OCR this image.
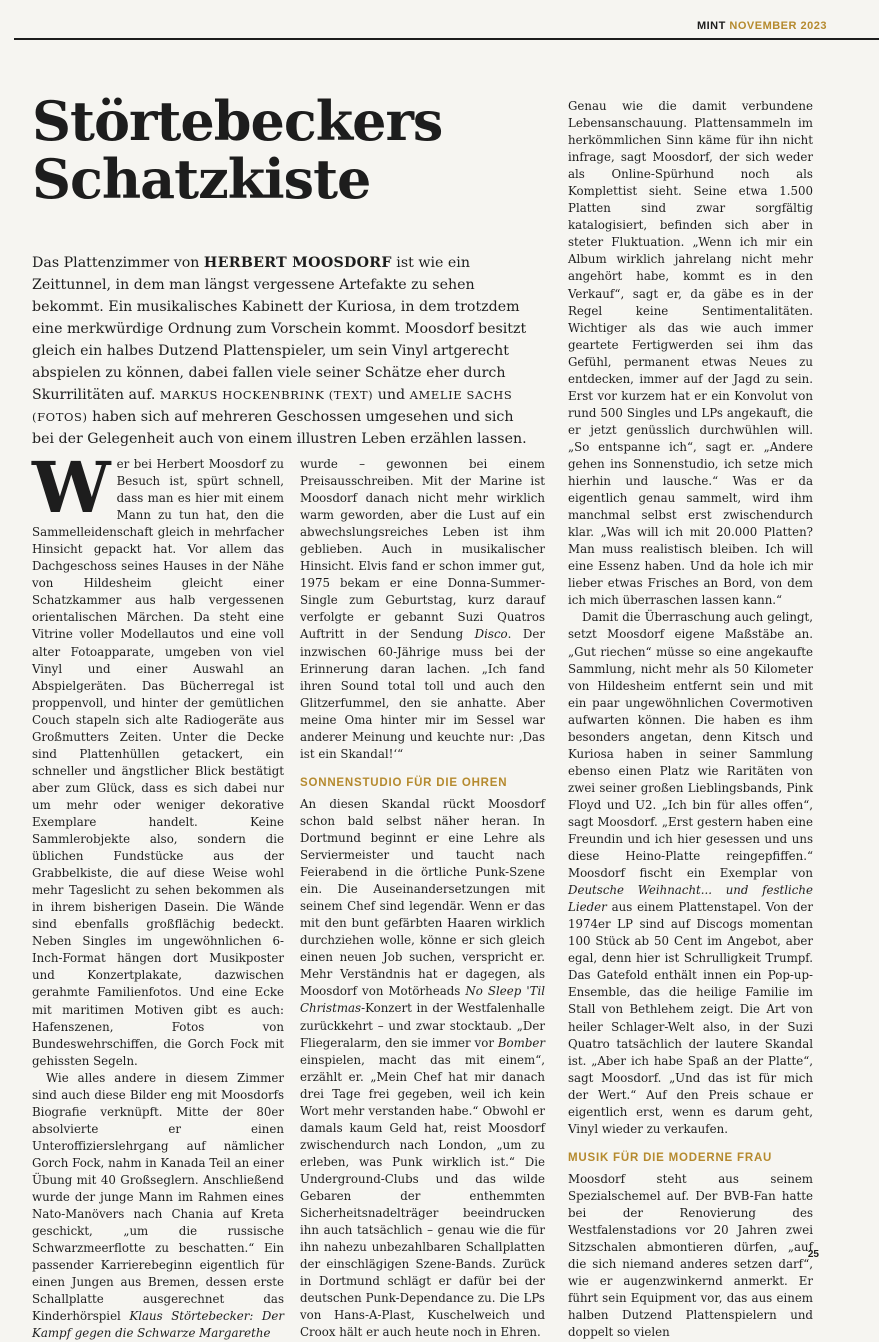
MINT NOVEMBER 2023
Störtebeckers
Schatzkiste

Das Plattenzimmer von HERBERT MOOSDORF ist wie ein Zeittunnel, in dem man längst vergessene Artefakte zu sehen bekommt. Ein musikalisches Kabinett der Kuriosa, in dem trotzdem eine merkwürdige Ordnung zum Vorschein kommt. Moosdorf besitzt gleich ein halbes Dutzend Plattenspieler, um sein Vinyl artgerecht abspielen zu können, dabei fallen viele seiner Schätze eher durch Skurrilitäten auf. MARKUS HOCKENBRINK (TEXT) und AMELIE SACHS (FOTOS) haben sich auf mehreren Geschossen umgesehen und sich bei der Gelegenheit auch von einem illustren Leben erzählen lassen.

Wer bei Herbert Moosdorf zu Besuch ist, spürt schnell, dass man es hier mit einem Mann zu tun hat, den die Sammelleidenschaft gleich in mehrfacher Hinsicht gepackt hat. Vor allem das Dachgeschoss seines Hauses in der Nähe von Hildesheim gleicht einer Schatzkammer aus halb vergessenen orientalischen Märchen. Da steht eine Vitrine voller Modellautos und eine voll alter Fotoapparate, umgeben von viel Vinyl und einer Auswahl an Abspielgeräten. Das Bücherregal ist proppenvoll, und hinter der gemütlichen Couch stapeln sich alte Radiogeräte aus Großmutters Zeiten. Unter die Decke sind Plattenhüllen getackert, ein schneller und ängstlicher Blick bestätigt aber zum Glück, dass es sich dabei nur um mehr oder weniger dekorative Exemplare handelt. Keine Sammlerobjekte also, sondern die üblichen Fundstücke aus der Grabbelkiste, die auf diese Weise wohl mehr Tageslicht zu sehen bekommen als in ihrem bisherigen Dasein. Die Wände sind ebenfalls großflächig bedeckt. Neben Singles im ungewöhnlichen 6-Inch-Format hängen dort Musikposter und Konzertplakate, dazwischen gerahmte Familienfotos. Und eine Ecke mit maritimen Motiven gibt es auch: Hafenszenen, Fotos von Bundeswehrschiffen, die Gorch Fock mit gehissten Segeln.

Wie alles andere in diesem Zimmer sind auch diese Bilder eng mit Moosdorfs Biografie verknüpft. Mitte der 80er absolvierte er einen Unteroffizierslehrgang auf nämlicher Gorch Fock, nahm in Kanada Teil an einer Übung mit 40 Großseglern. Anschließend wurde der junge Mann im Rahmen eines Nato-Manövers nach Chania auf Kreta geschickt, „um die russische Schwarzmeerflotte zu beschatten.“ Ein passender Karrierebeginn eigentlich für einen Jungen aus Bremen, dessen erste Schallplatte ausgerechnet das Kinderhörspiel Klaus Störtebecker: Der Kampf gegen die Schwarze Margarethe

wurde – gewonnen bei einem Preisausschreiben. Mit der Marine ist Moosdorf danach nicht mehr wirklich warm geworden, aber die Lust auf ein abwechslungsreiches Leben ist ihm geblieben. Auch in musikalischer Hinsicht. Elvis fand er schon immer gut, 1975 bekam er eine Donna-Summer-Single zum Geburtstag, kurz darauf verfolgte er gebannt Suzi Quatros Auftritt in der Sendung Disco. Der inzwischen 60-Jährige muss bei der Erinnerung daran lachen. „Ich fand ihren Sound total toll und auch den Glitzerfummel, den sie anhatte. Aber meine Oma hinter mir im Sessel war anderer Meinung und keuchte nur: ‚Das ist ein Skandal!‘“

SONNENSTUDIO FÜR DIE OHREN

An diesen Skandal rückt Moosdorf schon bald selbst näher heran. In Dortmund beginnt er eine Lehre als Serviermeister und taucht nach Feierabend in die örtliche Punk-Szene ein. Die Auseinandersetzungen mit seinem Chef sind legendär. Wenn er das mit den bunt gefärbten Haaren wirklich durchziehen wolle, könne er sich gleich einen neuen Job suchen, verspricht er. Mehr Verständnis hat er dagegen, als Moosdorf von Motörheads No Sleep 'Til Christmas-Konzert in der Westfalenhalle zurückkehrt – und zwar stocktaub. „Der Fliegeralarm, den sie immer vor Bomber einspielen, macht das mit einem“, erzählt er. „Mein Chef hat mir danach drei Tage frei gegeben, weil ich kein Wort mehr verstanden habe.“ Obwohl er damals kaum Geld hat, reist Moosdorf zwischendurch nach London, „um zu erleben, was Punk wirklich ist.“ Die Underground-Clubs und das wilde Gebaren der enthemmten Sicherheitsnadelträger beeindrucken ihn auch tatsächlich – genau wie die für ihn nahezu unbezahlbaren Schallplatten der einschlägigen Szene-Bands. Zurück in Dortmund schlägt er dafür bei der deutschen Punk-Dependance zu. Die LPs von Hans-A-Plast, Kuschelweich und Croox hält er auch heute noch in Ehren.

Genau wie die damit verbundene Lebensanschauung. Plattensammeln im herkömmlichen Sinn käme für ihn nicht infrage, sagt Moosdorf, der sich weder als Online-Spürhund noch als Komplettist sieht. Seine etwa 1.500 Platten sind zwar sorgfältig katalogisiert, befinden sich aber in steter Fluktuation. „Wenn ich mir ein Album wirklich jahrelang nicht mehr angehört habe, kommt es in den Verkauf“, sagt er, da gäbe es in der Regel keine Sentimentalitäten. Wichtiger als das wie auch immer geartete Fertigwerden sei ihm das Gefühl, permanent etwas Neues zu entdecken, immer auf der Jagd zu sein. Erst vor kurzem hat er ein Konvolut von rund 500 Singles und LPs angekauft, die er jetzt genüsslich durchwühlen will. „So entspanne ich“, sagt er. „Andere gehen ins Sonnenstudio, ich setze mich hierhin und lausche.“ Was er da eigentlich genau sammelt, wird ihm manchmal selbst erst zwischendurch klar. „Was will ich mit 20.000 Platten? Man muss realistisch bleiben. Ich will eine Essenz haben. Und da hole ich mir lieber etwas Frisches an Bord, von dem ich mich überraschen lassen kann.“

Damit die Überraschung auch gelingt, setzt Moosdorf eigene Maßstäbe an. „Gut riechen“ müsse so eine angekaufte Sammlung, nicht mehr als 50 Kilometer von Hildesheim entfernt sein und mit ein paar ungewöhnlichen Covermotiven aufwarten können. Die haben es ihm besonders angetan, denn Kitsch und Kuriosa haben in seiner Sammlung ebenso einen Platz wie Raritäten von zwei seiner großen Lieblingsbands, Pink Floyd und U2. „Ich bin für alles offen“, sagt Moosdorf. „Erst gestern haben eine Freundin und ich hier gesessen und uns diese Heino-Platte reingepfiffen.“ Moosdorf fischt ein Exemplar von Deutsche Weihnacht... und festliche Lieder aus einem Plattenstapel. Von der 1974er LP sind auf Discogs momentan 100 Stück ab 50 Cent im Angebot, aber egal, denn hier ist Schrulligkeit Trumpf. Das Gatefold enthält innen ein Pop-up-Ensemble, das die heilige Familie im Stall von Bethlehem zeigt. Die Art von heiler Schlager-Welt also, in der Suzi Quatro tatsächlich der lautere Skandal ist. „Aber ich habe Spaß an der Platte“, sagt Moosdorf. „Und das ist für mich der Wert.“ Auf den Preis schaue er eigentlich erst, wenn es darum geht, Vinyl wieder zu verkaufen.

MUSIK FÜR DIE MODERNE FRAU

Moosdorf steht aus seinem Spezialschemel auf. Der BVB-Fan hatte bei der Renovierung des Westfalenstadions vor 20 Jahren zwei Sitzschalen abmontieren dürfen, „auf die sich niemand anderes setzen darf“, wie er augenzwinkernd anmerkt. Er führt sein Equipment vor, das aus einem halben Dutzend Plattenspielern und doppelt so vielen

25
